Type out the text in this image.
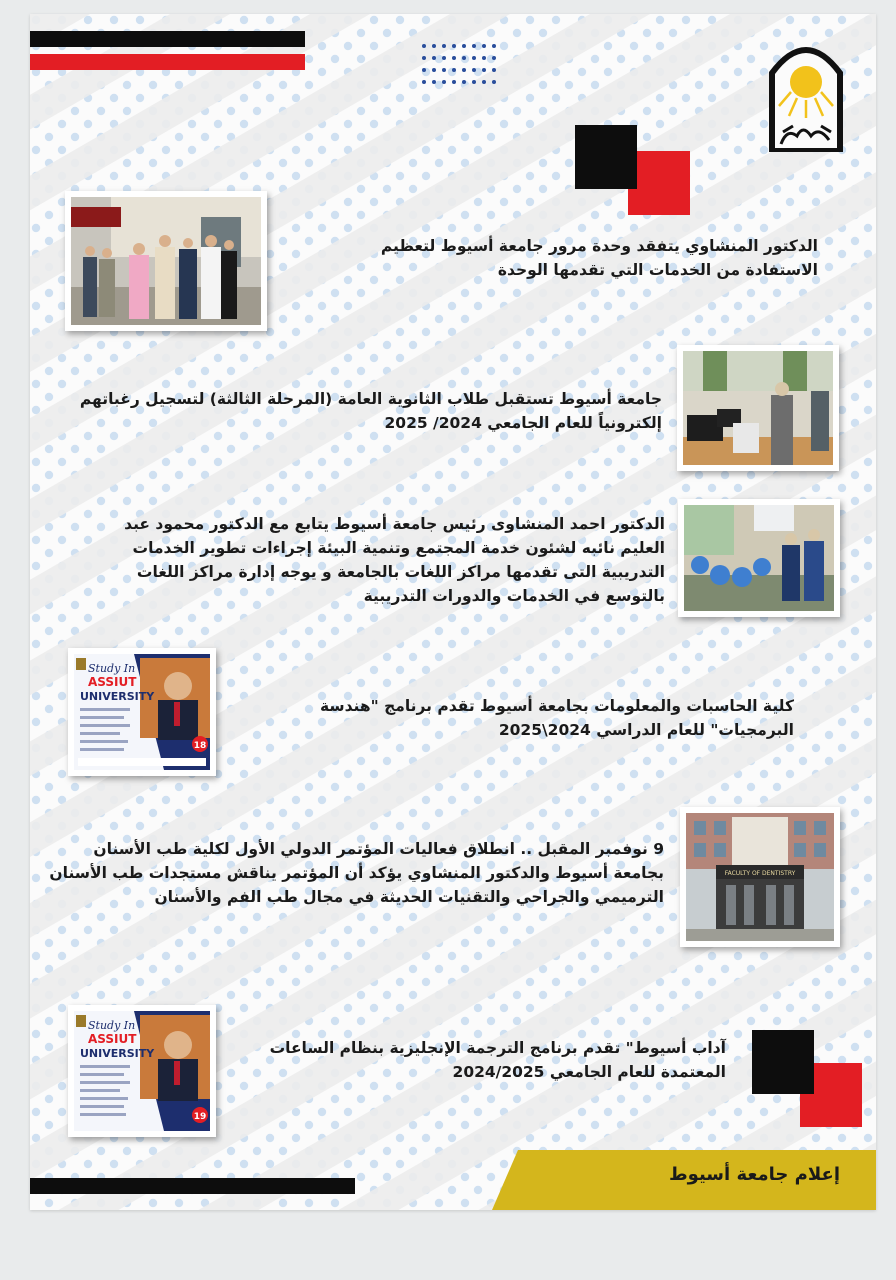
الدكتور المنشاوي يتفقد وحدة مرور جامعة أسيوط لتعظيم الاستفادة من الخدمات التي تقدمها الوحدة
جامعة أسيوط تستقبل طلاب الثانوية العامة (المرحلة الثالثة) لتسجيل رغباتهم إلكترونياً للعام الجامعي 2024/ 2025
الدكتور احمد المنشاوى رئيس جامعة أسيوط يتابع مع الدكتور محمود عبد العليم نائبه لشئون خدمة المجتمع وتنمية البيئة إجراءات تطوير الخدمات التدريبية التى تقدمها مراكز اللغات بالجامعة و يوجه إدارة مراكز اللغات بالتوسع في الخدمات والدورات التدريبية
Study In
ASSIUT
UNIVERSITY
18
كلية الحاسبات والمعلومات بجامعة أسيوط تقدم برنامج "هندسة البرمجيات" للعام الدراسي 2024\2025
FACULTY OF DENTISTRY
9 نوفمبر المقبل .. انطلاق فعاليات المؤتمر الدولي الأول لكلية طب الأسنان بجامعة أسيوط والدكتور المنشاوي يؤكد أن المؤتمر يناقش مستجدات طب الأسنان الترميمي والجراحي والتقنيات الحديثة في مجال طب الفم والأسنان
Study In
ASSIUT
UNIVERSITY
19
آداب أسيوط" تقدم برنامج الترجمة الإنجليزية بنظام الساعات المعتمدة للعام الجامعي 2024/2025
إعلام جامعة أسيوط
